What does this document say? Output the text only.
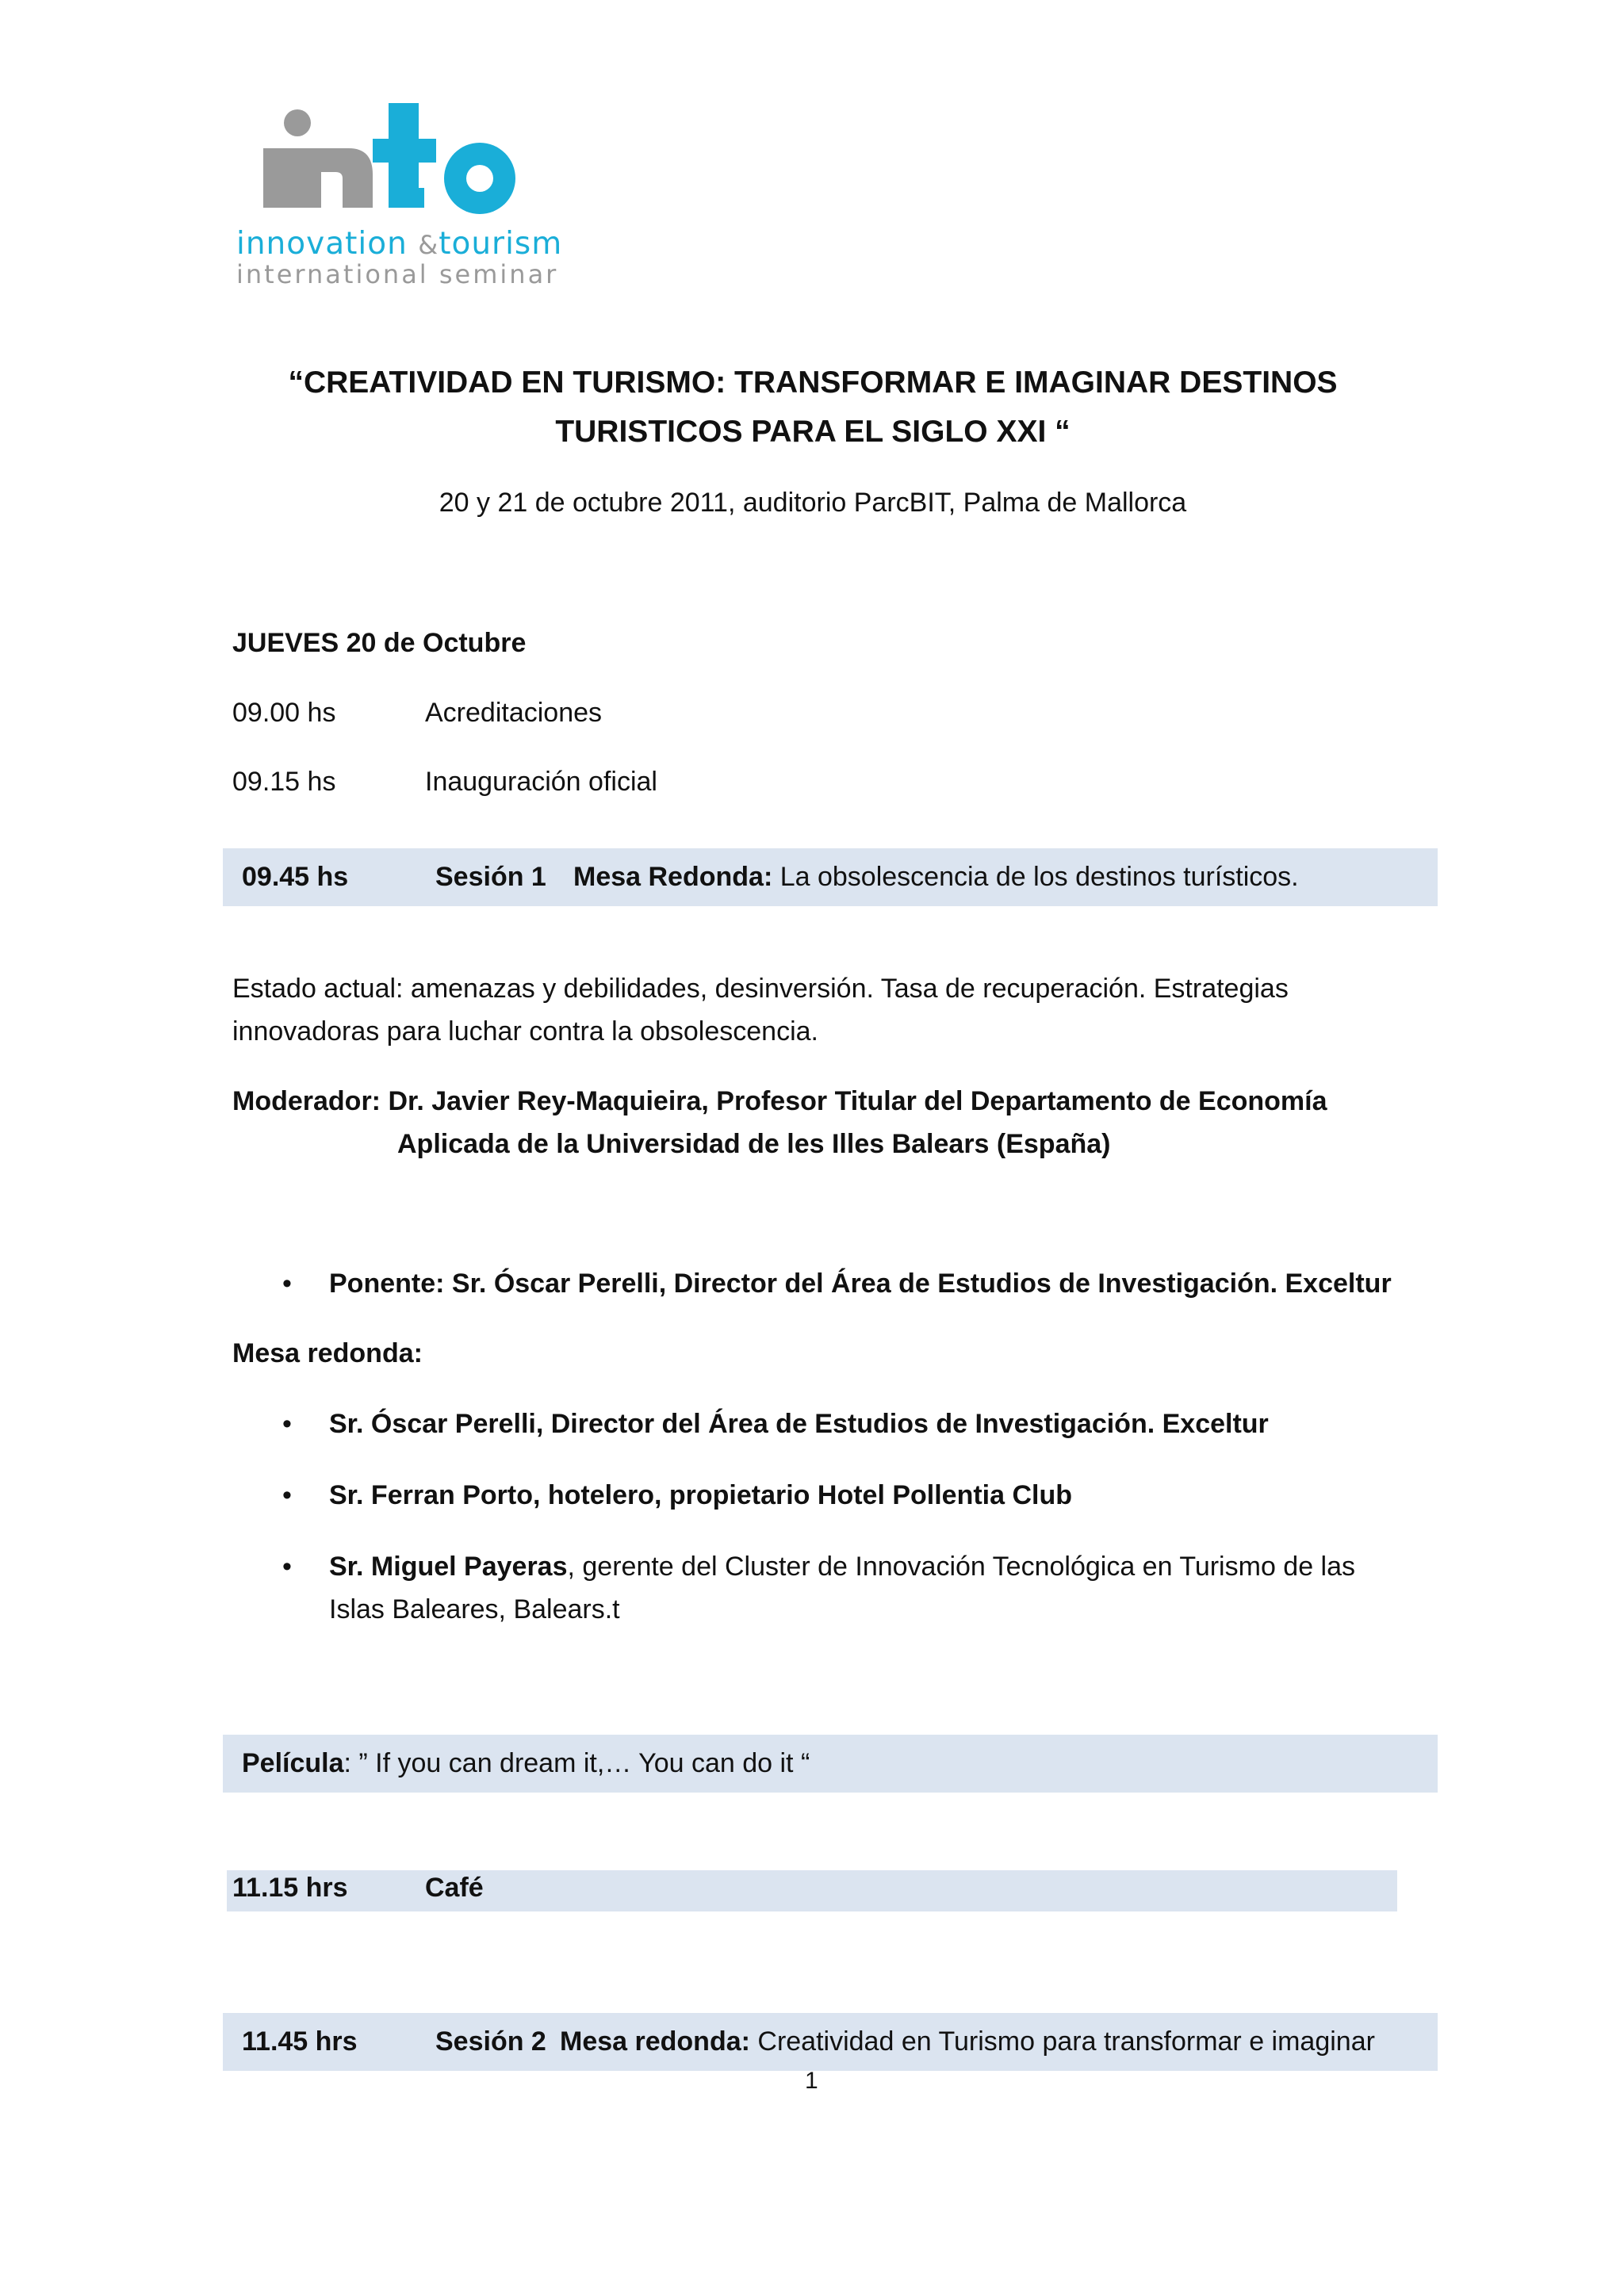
innovation &tourism
international seminar
“CREATIVIDAD EN TURISMO: TRANSFORMAR E IMAGINAR DESTINOS
TURISTICOS PARA EL SIGLO XXI “
20 y 21 de octubre 2011, auditorio ParcBIT, Palma de Mallorca
JUEVES 20 de Octubre
09.00 hs	Acreditaciones
09.15 hs	Inauguración oficial
09.45 hs	Sesión 1 Mesa Redonda: La obsolescencia de los destinos turísticos.
Estado actual: amenazas y debilidades, desinversión. Tasa de recuperación. Estrategias
innovadoras para luchar contra la obsolescencia.
Moderador: Dr. Javier Rey-Maquieira, Profesor Titular del Departamento de Economía
Aplicada de la Universidad de les Illes Balears (España)
• Ponente: Sr. Óscar Perelli, Director del Área de Estudios de Investigación. Exceltur
Mesa redonda:
• Sr. Óscar Perelli, Director del Área de Estudios de Investigación. Exceltur
• Sr. Ferran Porto, hotelero, propietario Hotel Pollentia Club
• Sr. Miguel Payeras, gerente del Cluster de Innovación Tecnológica en Turismo de las
Islas Baleares, Balears.t
Película: ” If you can dream it,… You can do it “
11.15 hrs	Café
11.45 hrs	Sesión 2 Mesa redonda: Creatividad en Turismo para transformar e imaginar
1
